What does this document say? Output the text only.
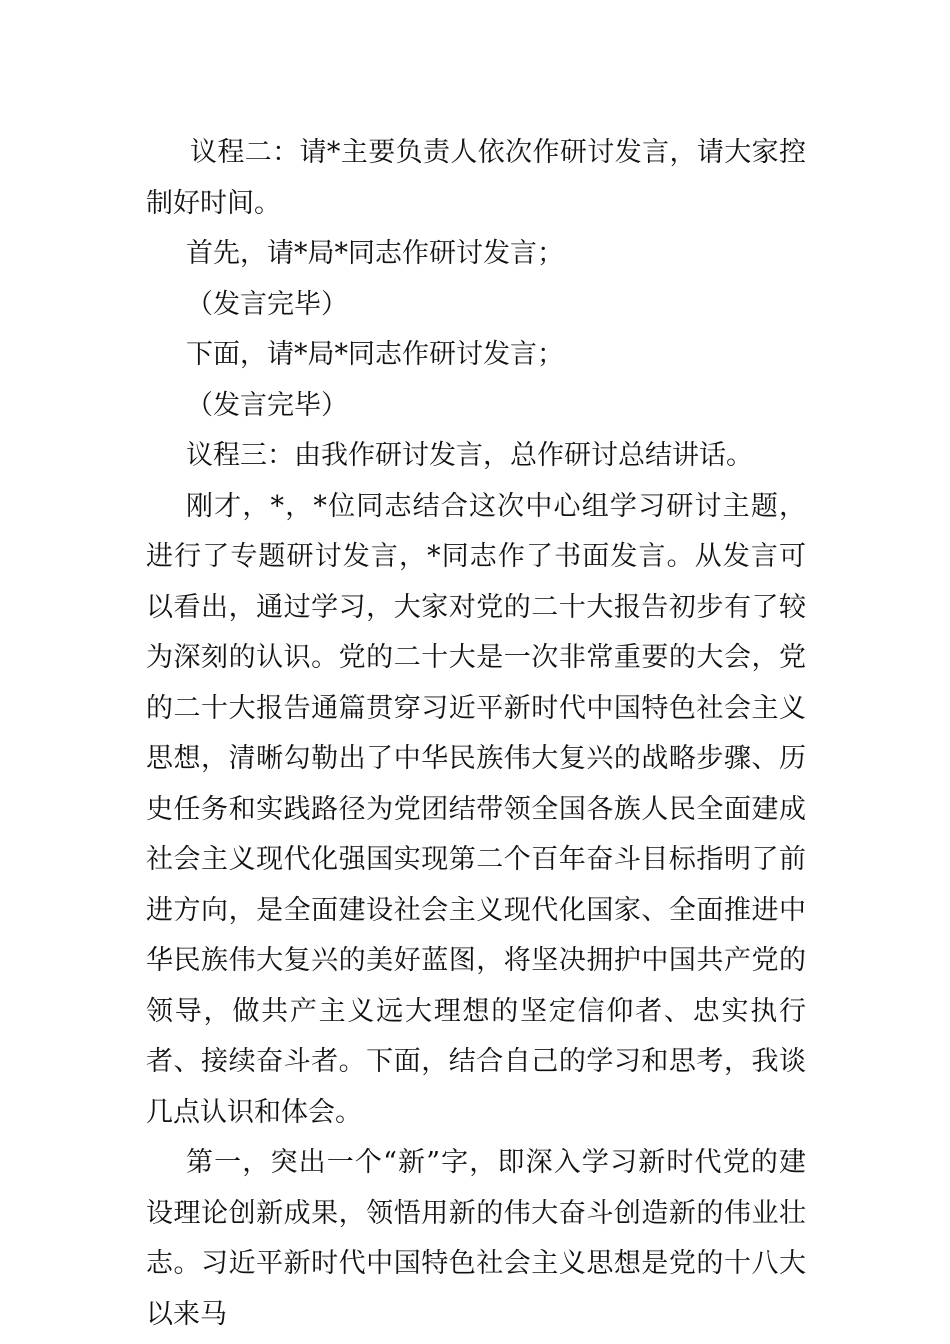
议程二：请*主要负责人依次作研讨发言，请大家控制好时间。

首先，请*局*同志作研讨发言；

（发言完毕）

下面，请*局*同志作研讨发言；

（发言完毕）

议程三：由我作研讨发言，总作研讨总结讲话。

刚才，*，*位同志结合这次中心组学习研讨主题，进行了专题研讨发言，*同志作了书面发言。从发言可以看出，通过学习，大家对党的二十大报告初步有了较为深刻的认识。党的二十大是一次非常重要的大会，党的二十大报告通篇贯穿习近平新时代中国特色社会主义思想，清晰勾勒出了中华民族伟大复兴的战略步骤、历史任务和实践路径为党团结带领全国各族人民全面建成社会主义现代化强国实现第二个百年奋斗目标指明了前进方向，是全面建设社会主义现代化国家、全面推进中华民族伟大复兴的美好蓝图，将坚决拥护中国共产党的领导，做共产主义远大理想的坚定信仰者、忠实执行者、接续奋斗者。下面，结合自己的学习和思考，我谈几点认识和体会。

第一，突出一个“新”字，即深入学习新时代党的建设理论创新成果，领悟用新的伟大奋斗创造新的伟业壮志。习近平新时代中国特色社会主义思想是党的十八大以来马
